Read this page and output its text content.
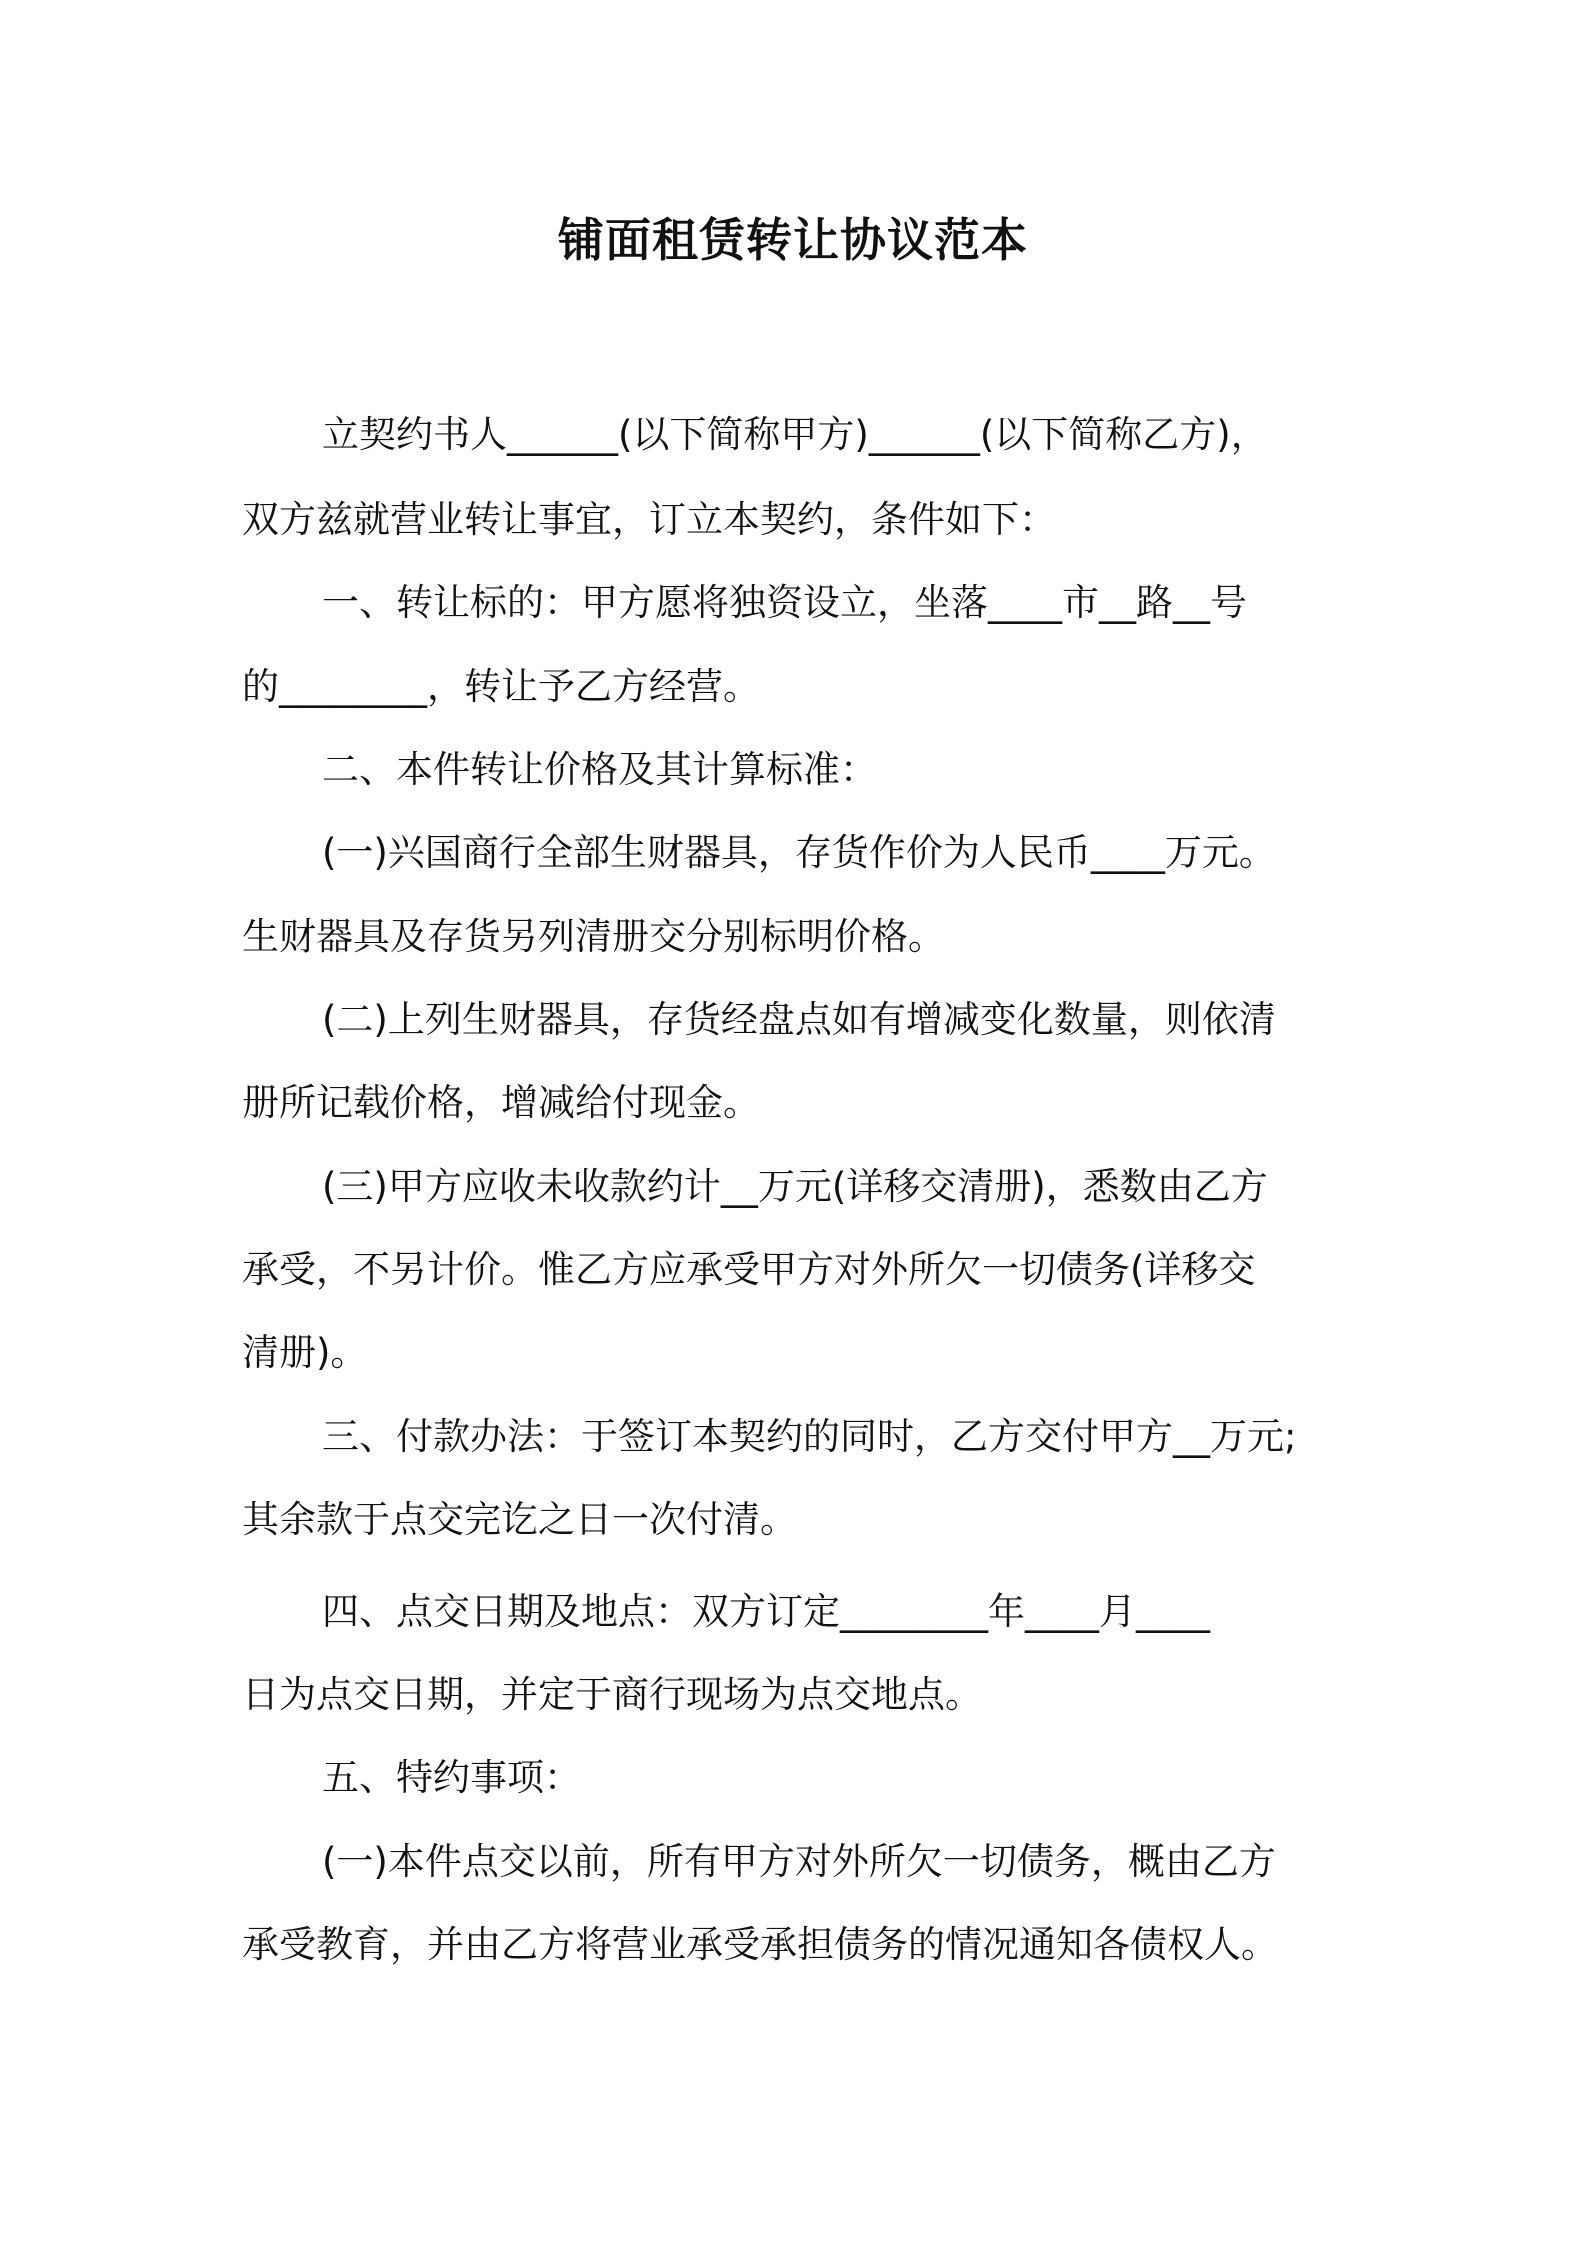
铺面租赁转让协议范本
立契约书人______(以下简称甲方)______(以下简称乙方)，
双方兹就营业转让事宜，订立本契约，条件如下：
一、转让标的：甲方愿将独资设立，坐落____市__路__号
的________，转让予乙方经营。
二、本件转让价格及其计算标准：
(一)兴国商行全部生财器具，存货作价为人民币____万元。
生财器具及存货另列清册交分别标明价格。
(二)上列生财器具，存货经盘点如有增减变化数量，则依清
册所记载价格，增减给付现金。
(三)甲方应收未收款约计__万元(详移交清册)，悉数由乙方
承受，不另计价。惟乙方应承受甲方对外所欠一切债务(详移交
清册)。
三、付款办法：于签订本契约的同时，乙方交付甲方__万元;
其余款于点交完讫之日一次付清。
四、点交日期及地点：双方订定________年____月____
日为点交日期，并定于商行现场为点交地点。
五、特约事项：
(一)本件点交以前，所有甲方对外所欠一切债务，概由乙方
承受教育，并由乙方将营业承受承担债务的情况通知各债权人。
